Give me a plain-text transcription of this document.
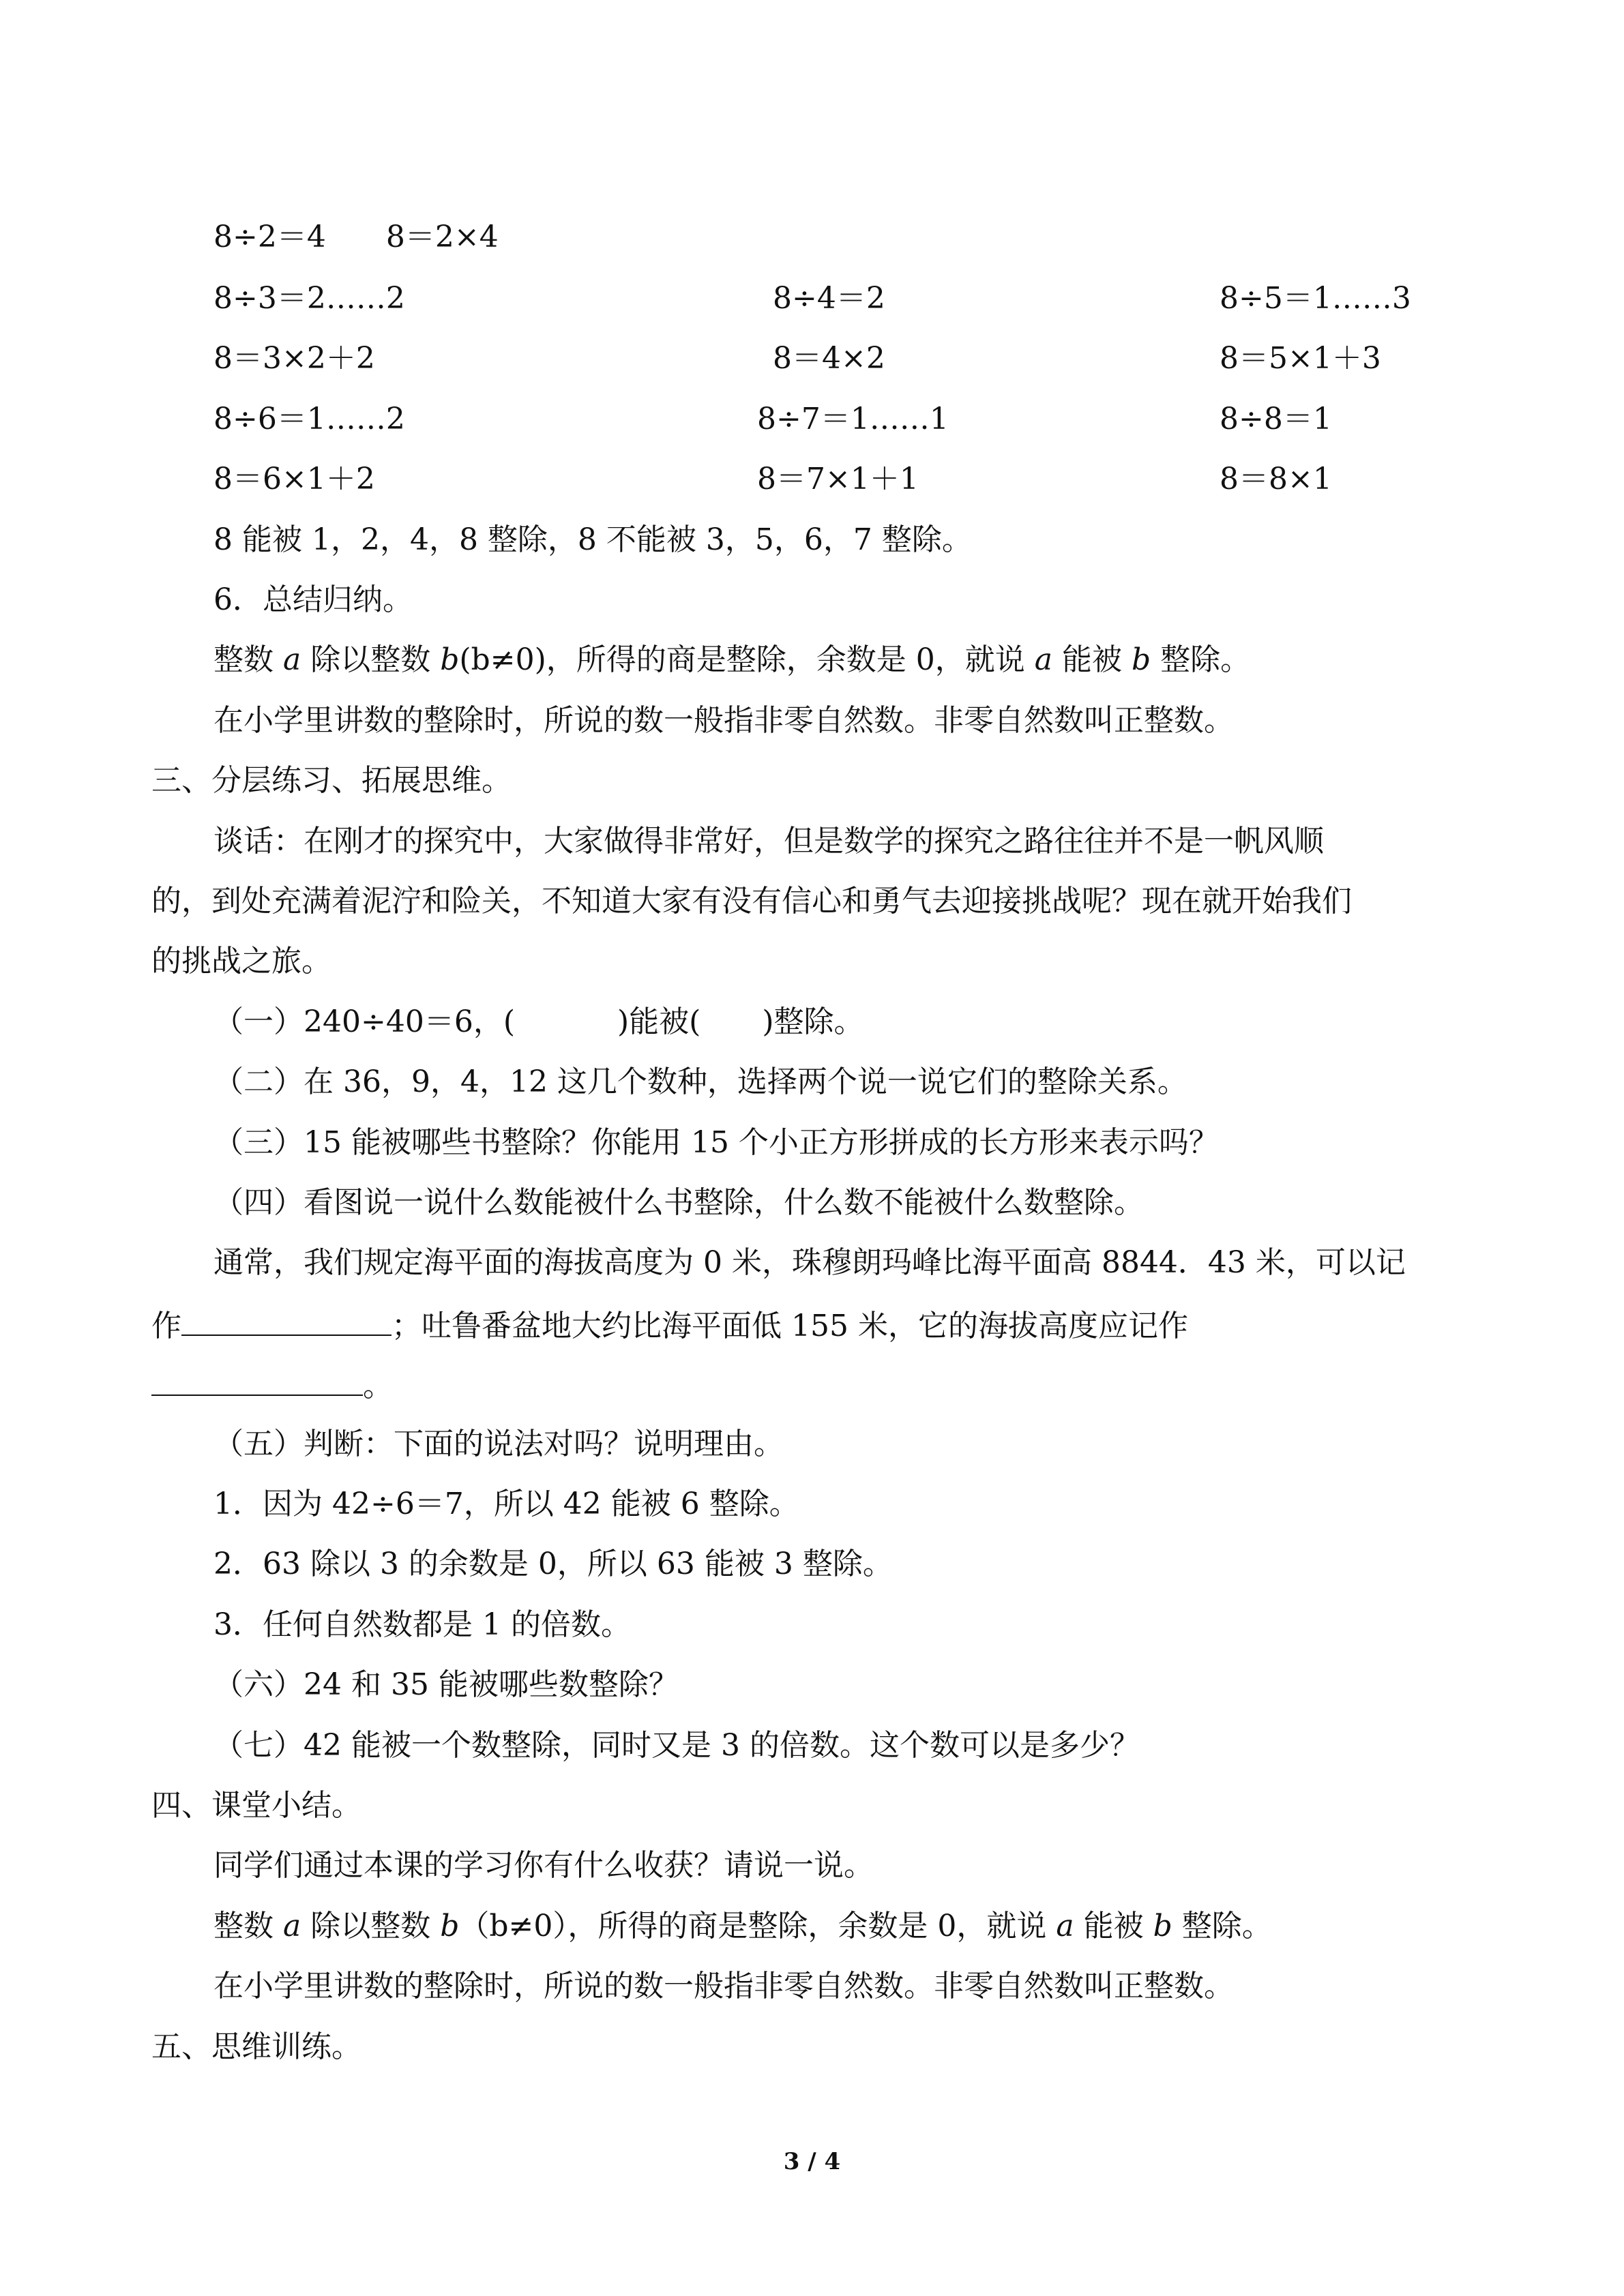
8÷2＝4　　8＝2×4
8÷3＝2……2	8÷4＝2	8÷5＝1……3
8＝3×2＋2	8＝4×2	8＝5×1＋3
8÷6＝1……2	8÷7＝1……1	8÷8＝1
8＝6×1＋2	8＝7×1＋1	8＝8×1
8 能被 1，2，4，8 整除，8 不能被 3，5，6，7 整除。
6．总结归纳。
整数 a 除以整数 b(b≠0)，所得的商是整除，余数是 0，就说 a 能被 b 整除。
在小学里讲数的整除时，所说的数一般指非零自然数。非零自然数叫正整数。
三、分层练习、拓展思维。
谈话：在刚才的探究中，大家做得非常好，但是数学的探究之路往往并不是一帆风顺
的，到处充满着泥泞和险关，不知道大家有没有信心和勇气去迎接挑战呢？现在就开始我们
的挑战之旅。
（一）240÷40＝6，(	)能被( )整除。
（二）在 36，9，4，12 这几个数种，选择两个说一说它们的整除关系。
（三）15 能被哪些书整除？你能用 15 个小正方形拼成的长方形来表示吗？
（四）看图说一说什么数能被什么书整除，什么数不能被什么数整除。
通常，我们规定海平面的海拔高度为 0 米，珠穆朗玛峰比海平面高 8844．43 米，可以记
作	；吐鲁番盆地大约比海平面低 155 米，它的海拔高度应记作
。
（五）判断：下面的说法对吗？说明理由。
1．因为 42÷6＝7，所以 42 能被 6 整除。
2．63 除以 3 的余数是 0，所以 63 能被 3 整除。
3．任何自然数都是 1 的倍数。
（六）24 和 35 能被哪些数整除？
（七）42 能被一个数整除，同时又是 3 的倍数。这个数可以是多少？
四、课堂小结。
同学们通过本课的学习你有什么收获？请说一说。
整数 a 除以整数 b（b≠0），所得的商是整除，余数是 0，就说 a 能被 b 整除。
在小学里讲数的整除时，所说的数一般指非零自然数。非零自然数叫正整数。
五、思维训练。
3 / 4
